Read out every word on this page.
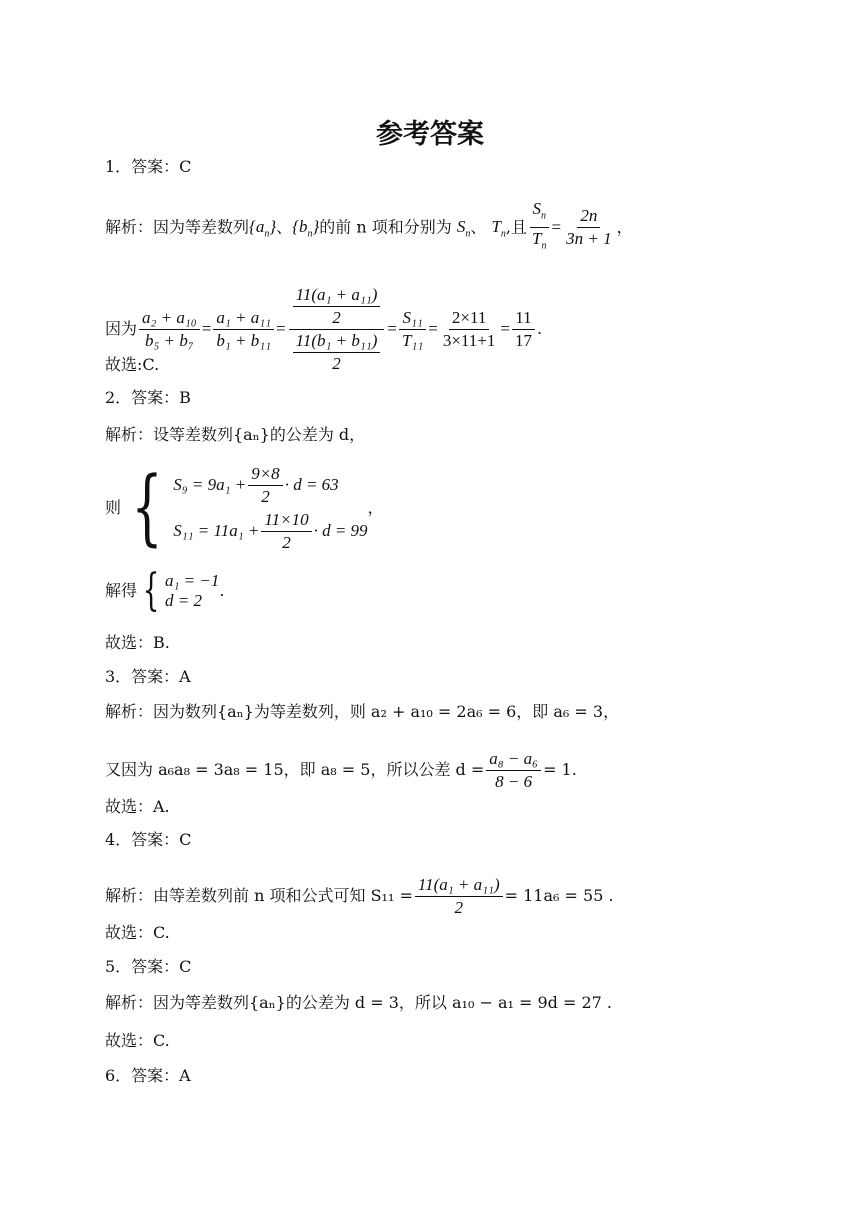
参考答案
1．答案：C
解析：因为等差数列$\{a_n\}$、$\{b_n\}$的前 n 项和分别为 $S_n$、 $T_n$,且 $\frac{S_n}{T_n} = \frac{2n}{3n + 1}$ ，
因为 $\frac{\text{a₂ + a₁₀}}{\text{b₅ + b₇}} = \frac{\text{a₁ + a₁₁}}{\text{b₁ + b₁₁}} = \frac{\frac{\text{11(a₁ + a₁₁)}}{2}}{\frac{\text{11(b₁ + b₁₁)}}{2}} = \frac{\text{S₁₁}}{\text{T₁₁}} = \frac{2\times 11}{3\times 11+1} = \frac{11}{17}$ .
故选:C.
2．答案：B
解析：设等差数列{aₙ}的公差为 d，
则 { $S_9 = 9a_1 + \frac{9\times 8}{2} \cdot d = 63$
$S_{11} = 11a_1 + \frac{11\times 10}{2} \cdot d = 99$
，
解得 { a₁ = −1
d = 2
.
故选：B.
3．答案：A
解析：因为数列{aₙ}为等差数列，则 a₂ + a₁₀ = 2a₆ = 6，即 a₆ = 3，
又因为 a₆a₈ = 3a₈ = 15，即 a₈ = 5，所以公差 $d = \frac{\text{a₈ − a₆}}{8 - 6} = 1$.
故选：A.
4．答案：C
解析：由等差数列前 n 项和公式可知 $S_{11} = \frac{\text{11(a₁ + a₁₁)}}{2} = 11a_6 = 55$ .
故选：C.
5．答案：C
解析：因为等差数列{aₙ}的公差为 d = 3，所以 a₁₀ − a₁ = 9d = 27 .
故选：C.
6．答案：A
